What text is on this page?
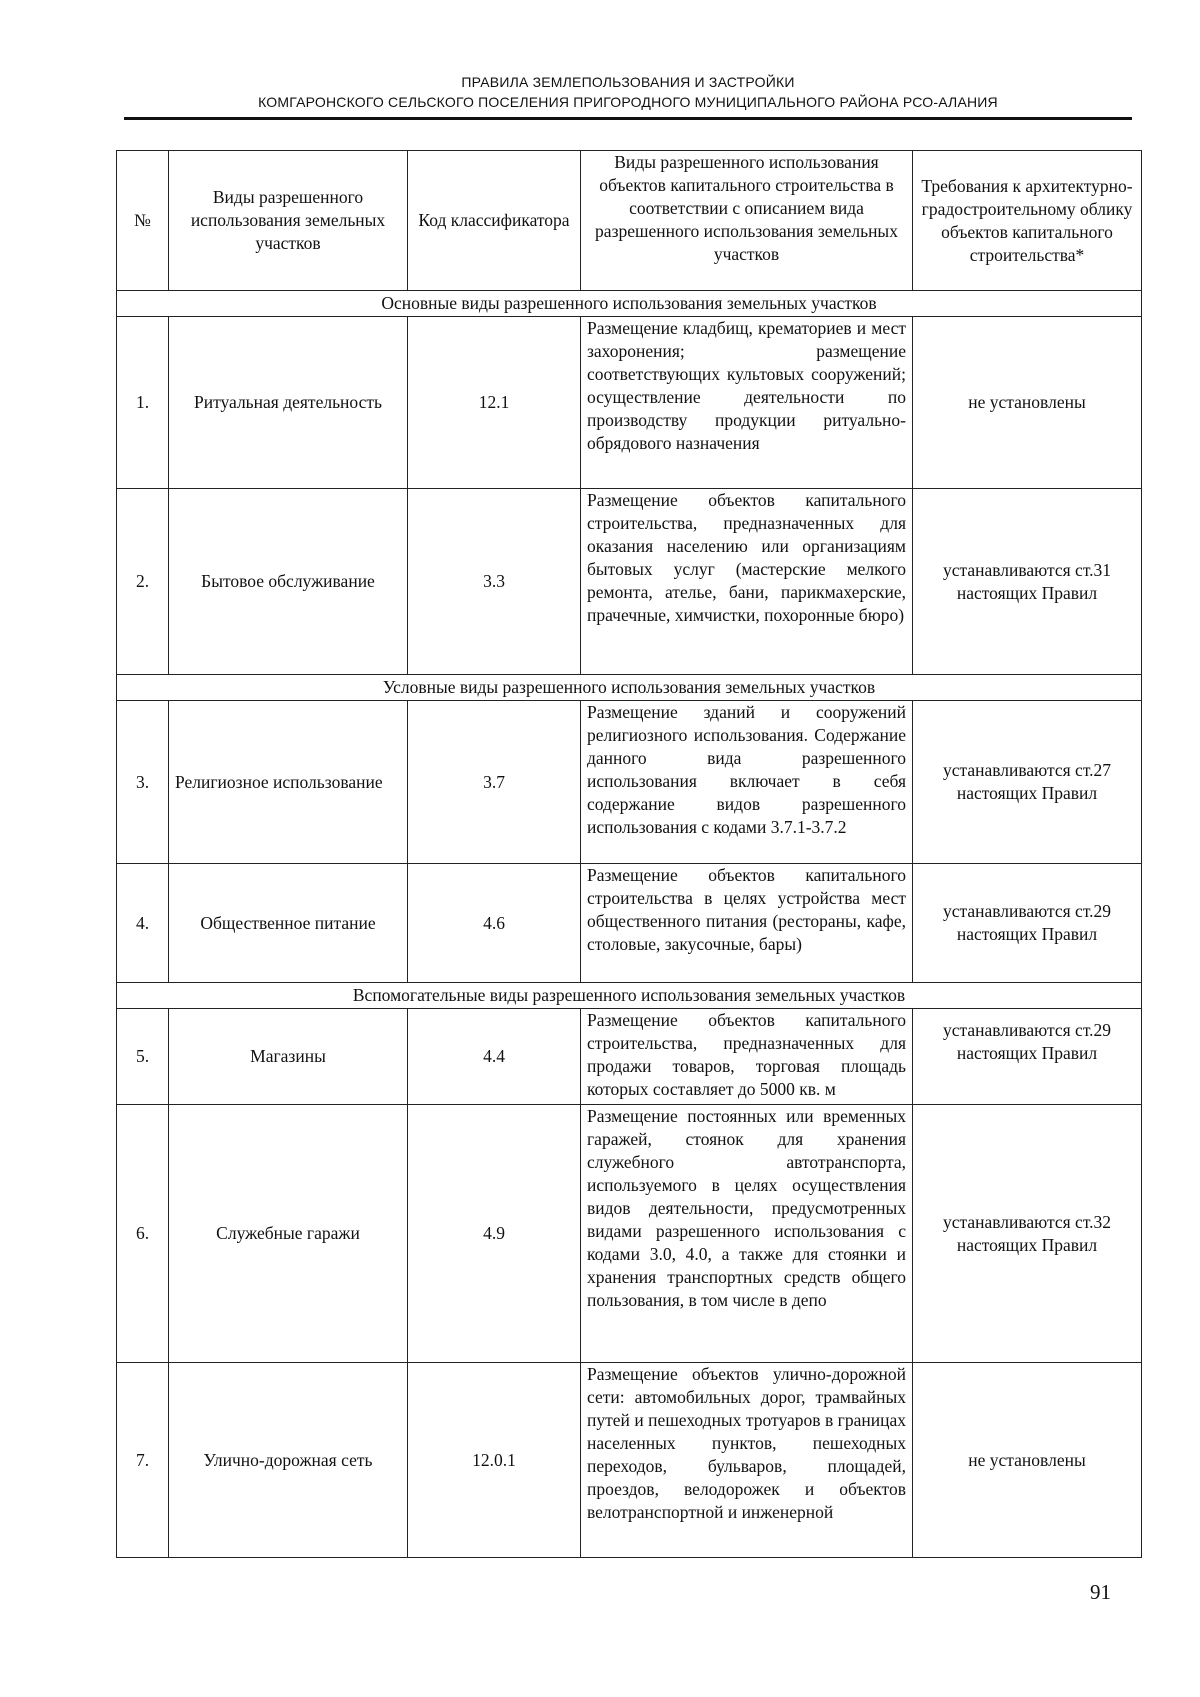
ПРАВИЛА ЗЕМЛЕПОЛЬЗОВАНИЯ И ЗАСТРОЙКИ
КОМГАРОНСКОГО СЕЛЬСКОГО ПОСЕЛЕНИЯ ПРИГОРОДНОГО МУНИЦИПАЛЬНОГО РАЙОНА РСО-АЛАНИЯ
№	Виды разрешенного использования земельных участков	Код классификатора	Виды разрешенного использования объектов капитального строительства в соответствии с описанием вида разрешенного использования земельных участков	Требования к архитектурно-градостроительному облику объектов капитального строительства*
Основные виды разрешенного использования земельных участков				
1.	Ритуальная деятельность	12.1	Размещение кладбищ, крематориев и мест захоронения; размещение соответствующих культовых сооружений; осуществление деятельности по производству продукции ритуально-обрядового назначения	не установлены
2.	Бытовое обслуживание	3.3	Размещение объектов капитального строительства, предназначенных для оказания населению или организациям бытовых услуг (мастерские мелкого ремонта, ателье, бани, парикмахерские, прачечные, химчистки, похоронные бюро)	устанавливаются ст.31 настоящих Правил
Условные виды разрешенного использования земельных участков				
3.	Религиозное использование	3.7	Размещение зданий и сооружений религиозного использования. Содержание данного вида разрешенного использования включает в себя содержание видов разрешенного использования с кодами 3.7.1-3.7.2	устанавливаются ст.27 настоящих Правил
4.	Общественное питание	4.6	Размещение объектов капитального строительства в целях устройства мест общественного питания (рестораны, кафе, столовые, закусочные, бары)	устанавливаются ст.29 настоящих Правил
Вспомогательные виды разрешенного использования земельных участков				
5.	Магазины	4.4	Размещение объектов капитального строительства, предназначенных для продажи товаров, торговая площадь которых составляет до 5000 кв. м	устанавливаются ст.29 настоящих Правил
6.	Служебные гаражи	4.9	Размещение постоянных или временных гаражей, стоянок для хранения служебного автотранспорта, используемого в целях осуществления видов деятельности, предусмотренных видами разрешенного использования с кодами 3.0, 4.0, а также для стоянки и хранения транспортных средств общего пользования, в том числе в депо	устанавливаются ст.32 настоящих Правил
7.	Улично-дорожная сеть	12.0.1	Размещение объектов улично-дорожной сети: автомобильных дорог, трамвайных путей и пешеходных тротуаров в границах населенных пунктов, пешеходных переходов, бульваров, площадей, проездов, велодорожек и объектов велотранспортной и инженерной	не установлены
91
